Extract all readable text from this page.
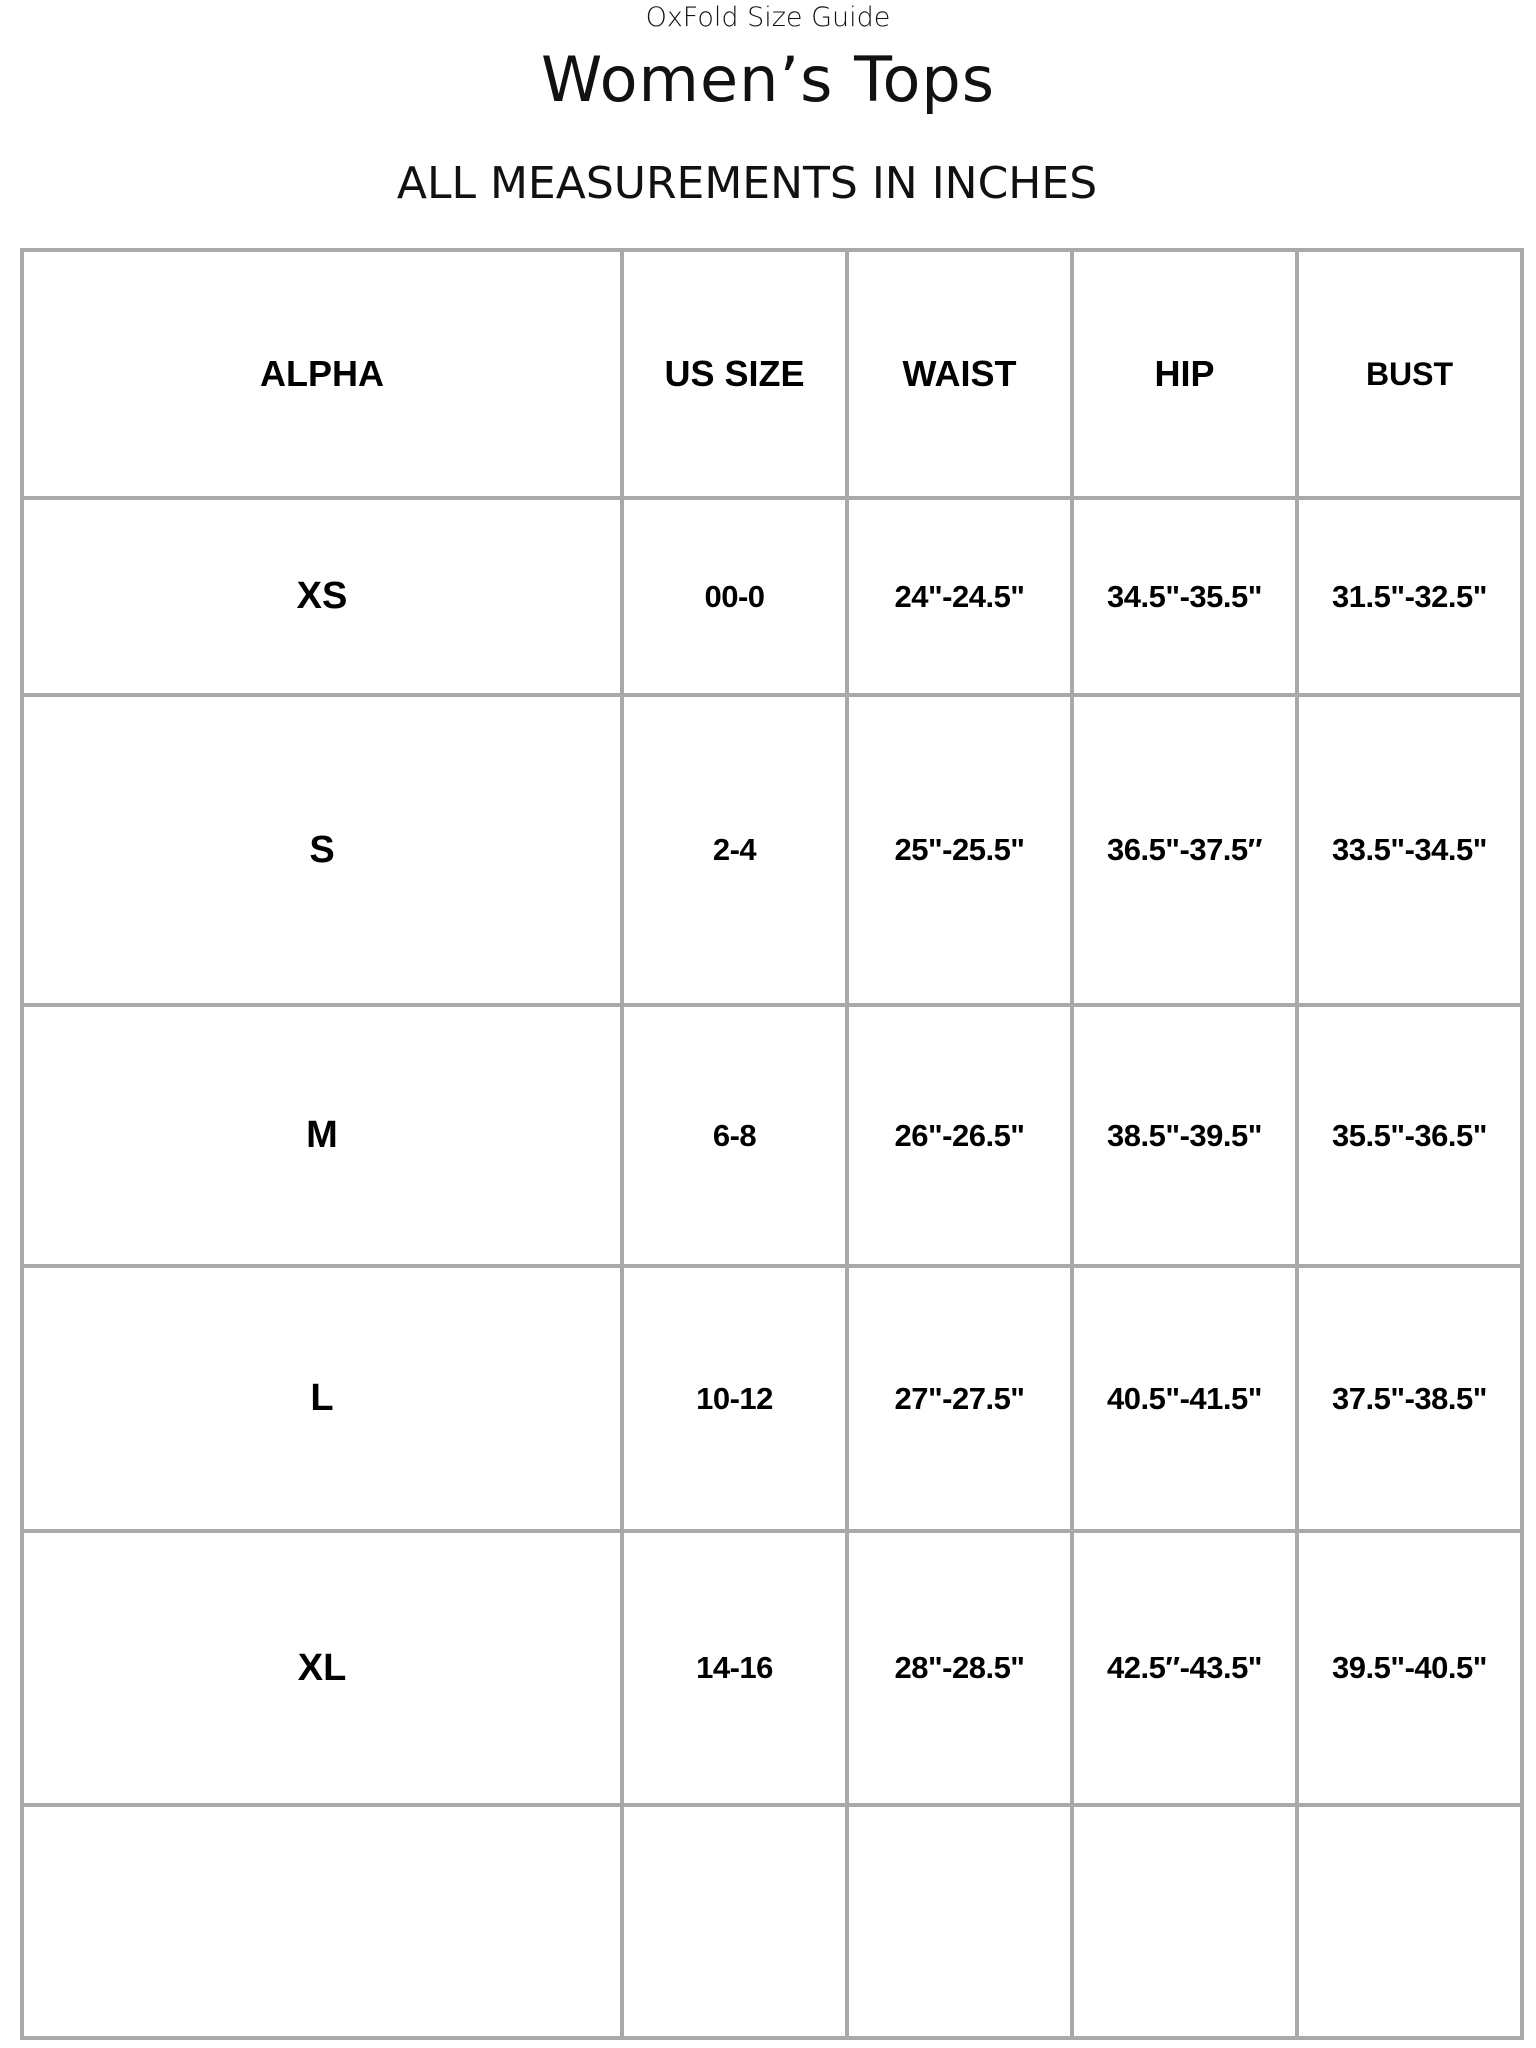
OxFold Size Guide
Women’s Tops
ALL MEASUREMENTS IN INCHES
ALPHA	US SIZE	WAIST	HIP	BUST
XS	00-0	24"-24.5"	34.5"-35.5"	31.5"-32.5"
S	2-4	25"-25.5"	36.5"-37.5″	33.5"-34.5"
M	6-8	26"-26.5"	38.5"-39.5"	35.5"-36.5"
L	10-12	27"-27.5"	40.5"-41.5"	37.5"-38.5"
XL	14-16	28"-28.5"	42.5″-43.5"	39.5"-40.5"
